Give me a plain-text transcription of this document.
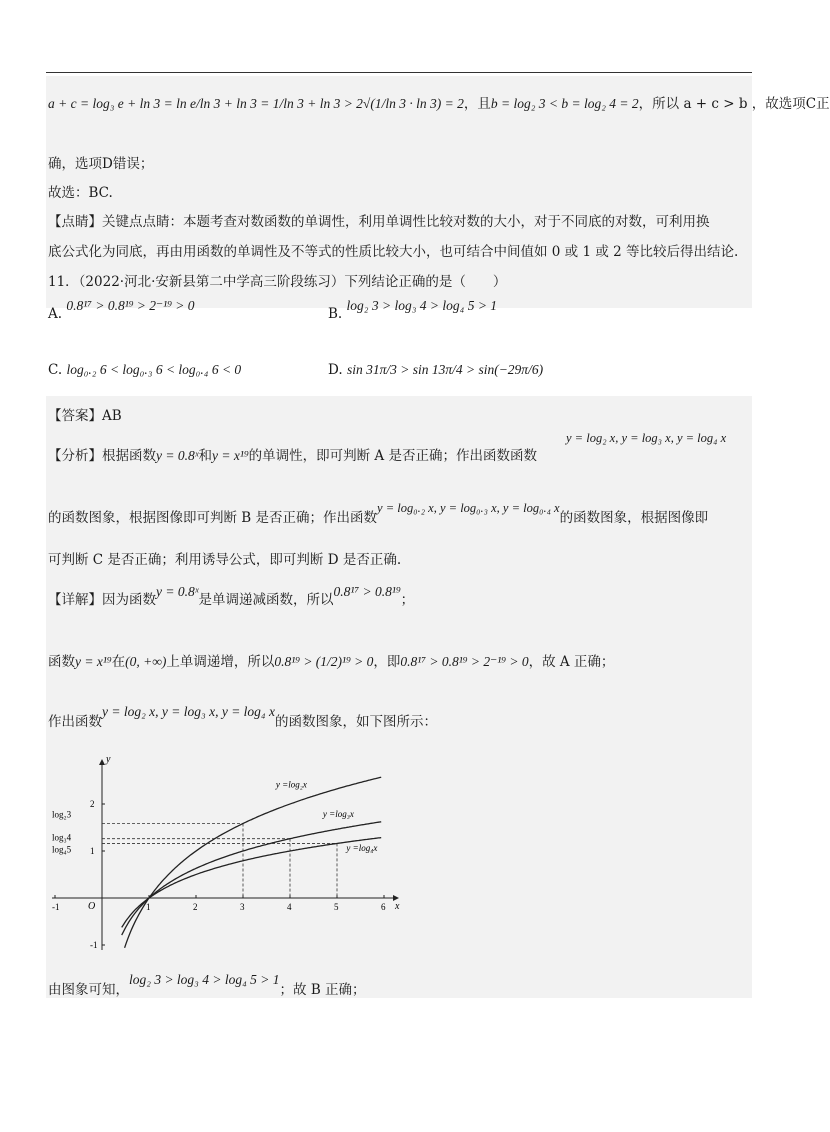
a + c = log₃ e + ln 3 = ln e/ln 3 + ln 3 = 1/ln 3 + ln 3 > 2√(1/ln 3 · ln 3) = 2，且b = log₂ 3 < b = log₂ 4 = 2，所以 a + c > b ，故选项C正
确，选项D错误；
故选：BC.
【点睛】关键点点睛：本题考查对数函数的单调性，利用单调性比较对数的大小，对于不同底的对数，可利用换
底公式化为同底，再由用函数的单调性及不等式的性质比较大小，也可结合中间值如 0 或 1 或 2 等比较后得出结论.
11．（2022·河北·安新县第二中学高三阶段练习）下列结论正确的是（　　）
A. 0.8¹⁷ > 0.8¹⁹ > 2⁻¹⁹ > 0
B. log₂ 3 > log₃ 4 > log₄ 5 > 1
C. log₀.₂ 6 < log₀.₃ 6 < log₀.₄ 6 < 0	D. sin 31π/3 > sin 13π/4 > sin(−29π/6)
【答案】AB
【分析】根据函数y = 0.8ˣ和y = x¹⁹的单调性，即可判断 A 是否正确；作出函数函数
y = log₂ x, y = log₃ x, y = log₄ x
的函数图象，根据图像即可判断 B 是否正确；作出函数y = log₀.₂ x, y = log₀.₃ x, y = log₀.₄ x的函数图象，根据图像即
可判断 C 是否正确；利用诱导公式，即可判断 D 是否正确.
【详解】因为函数y = 0.8ˣ是单调递减函数，所以0.8¹⁷ > 0.8¹⁹；
函数y = x¹⁹在(0, +∞)上单调递增，所以0.8¹⁹ > (1/2)¹⁹ > 0，即0.8¹⁷ > 0.8¹⁹ > 2⁻¹⁹ > 0，故 A 正确；
作出函数y = log₂ x, y = log₃ x, y = log₄ x的函数图象，如下图所示：
x
y
O
-1	1	2	3	4	5	6
2
1
-1
log₂3
log₃4
log₄5
y =log₂x
y =log₃x
y =log₄x
由图象可知，log₂ 3 > log₃ 4 > log₄ 5 > 1；故 B 正确；
